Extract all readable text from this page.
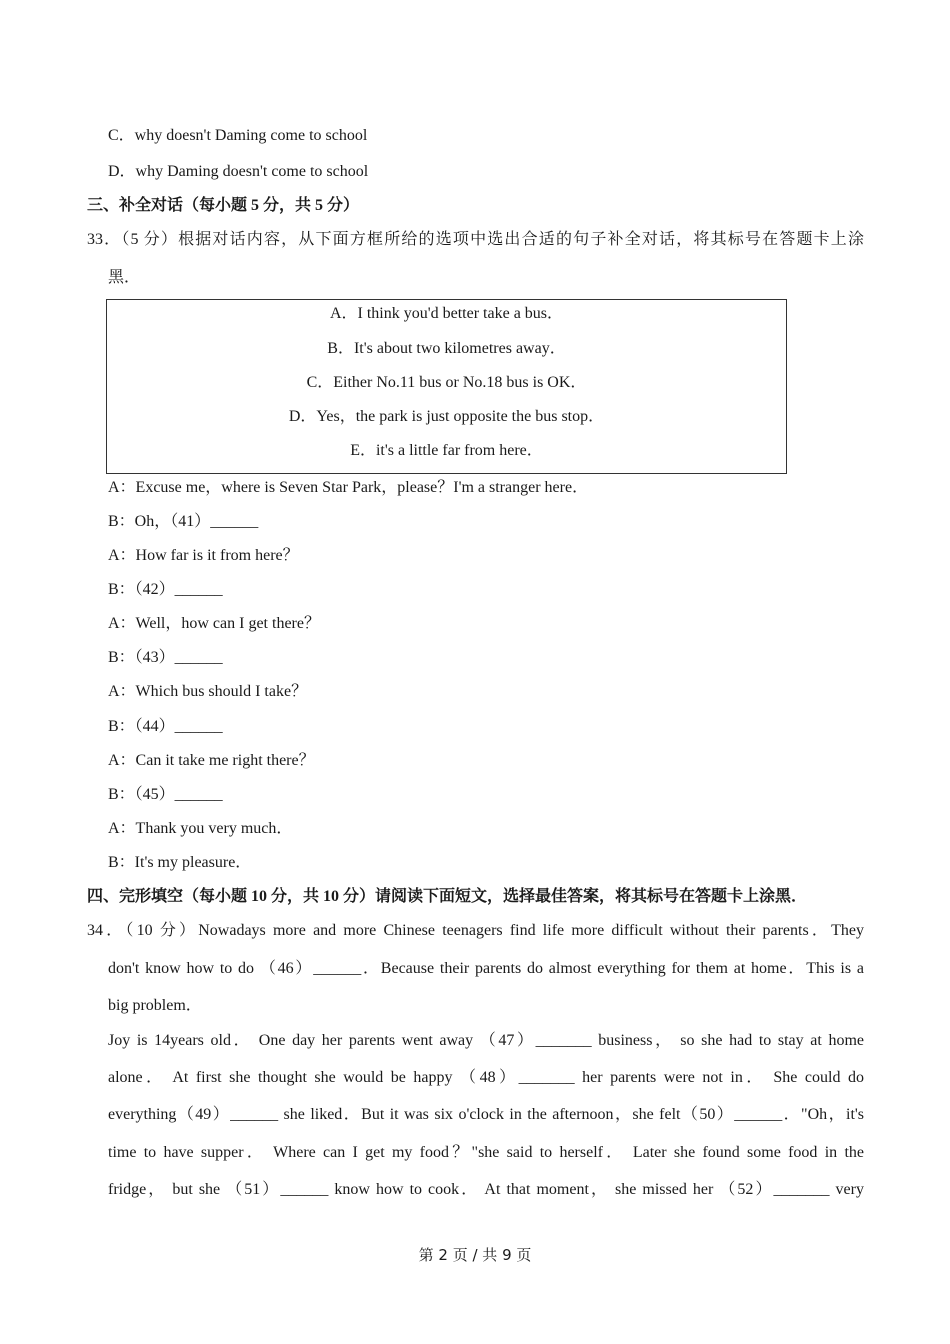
C．why doesn't Daming come to school
D．why Daming doesn't come to school
三、补全对话（每小题 5 分，共 5 分）
33．（5 分）根据对话内容，从下面方框所给的选项中选出合适的句子补全对话，将其标号在答题卡上涂
黑．
A．I think you'd better take a bus．
B．It's about two kilometres away．
C．Either No.11 bus or No.18 bus is OK．
D．Yes，the park is just opposite the bus stop．
E．it's a little far from here．
A：Excuse me，where is Seven Star Park，please？I'm a stranger here．
B：Oh，（41）______
A：How far is it from here？
B：（42）______
A：Well，how can I get there？
B：（43）______
A：Which bus should I take？
B：（44）______
A：Can it take me right there？
B：（45）______
A：Thank you very much．
B：It's my pleasure．
四、完形填空（每小题 10 分，共 10 分）请阅读下面短文，选择最佳答案，将其标号在答题卡上涂黑．
34．（10 分）Nowadays more and more Chinese teenagers find life more difficult without their parents．They
don't know how to do （46）______．Because their parents do almost everything for them at home．This is a
big problem．
Joy is 14years old． One day her parents went away （47）_______ business， so she had to stay at home
alone． At first she thought she would be happy （48）_______ her parents were not in． She could do
everything（49）______ she liked．But it was six o'clock in the afternoon，she felt（50）______．"Oh，it's
time to have supper． Where can I get my food？"she said to herself． Later she found some food in the
fridge， but she （51）______ know how to cook． At that moment， she missed her （52）_______ very
第 2 页 / 共 9 页
